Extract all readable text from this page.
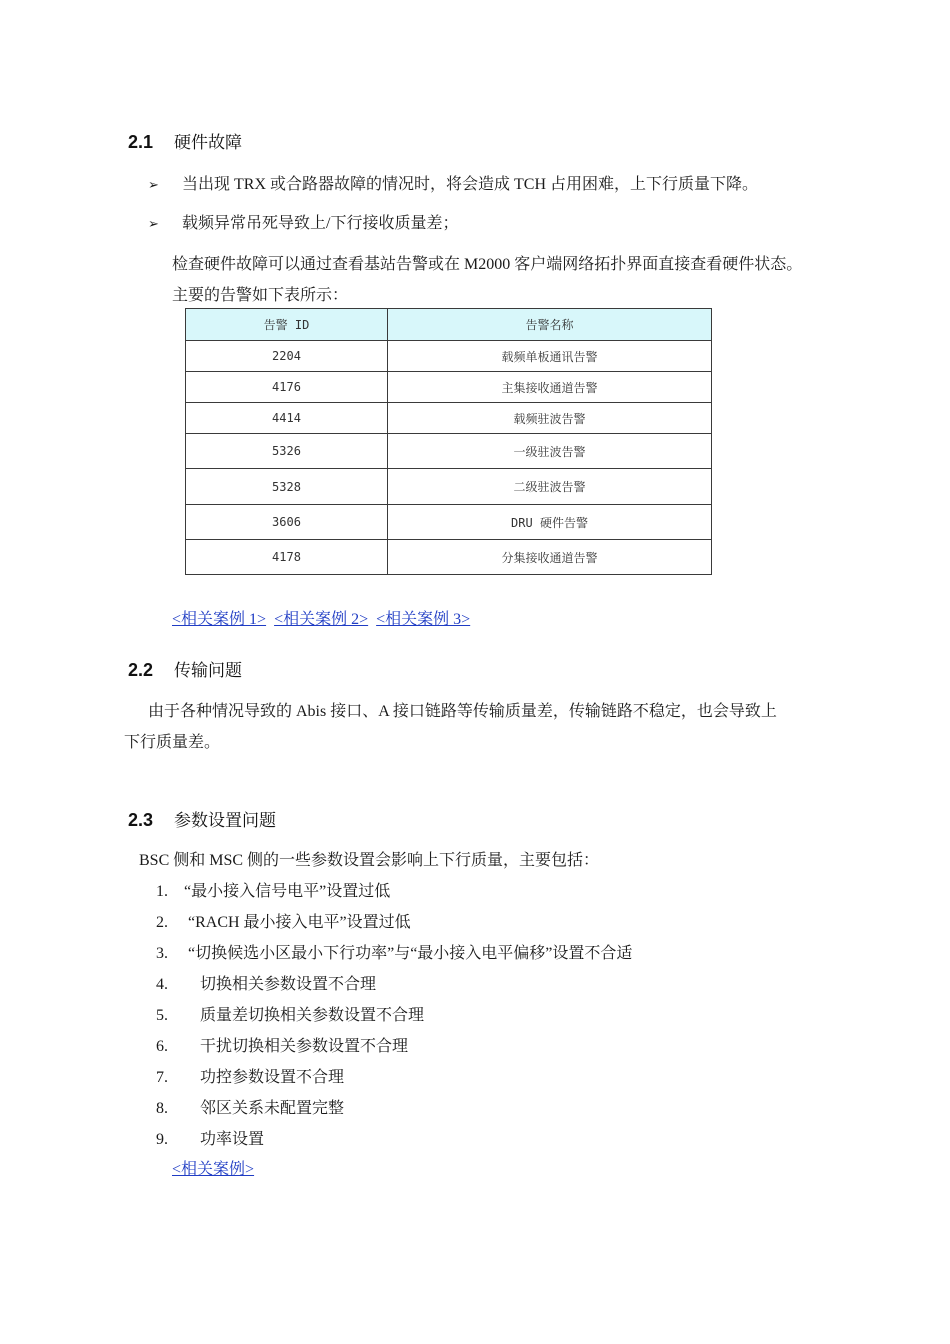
2.1 硬件故障
➢ 当出现 TRX 或合路器故障的情况时，将会造成 TCH 占用困难，上下行质量下降。
➢ 载频异常吊死导致上/下行接收质量差；
检查硬件故障可以通过查看基站告警或在 M2000 客户端网络拓扑界面直接查看硬件状态。
主要的告警如下表所示：
告警 ID	告警名称
2204	载频单板通讯告警
4176	主集接收通道告警
4414	载频驻波告警
5326	一级驻波告警
5328	二级驻波告警
3606	DRU 硬件告警
4178	分集接收通道告警
<相关案例 1> <相关案例 2> <相关案例 3>
2.2 传输问题
由于各种情况导致的 Abis 接口、A 接口链路等传输质量差，传输链路不稳定，也会导致上
下行质量差。
2.3 参数设置问题
BSC 侧和 MSC 侧的一些参数设置会影响上下行质量，主要包括：
1. “最小接入信号电平”设置过低
2. “RACH 最小接入电平”设置过低
3. “切换候选小区最小下行功率”与“最小接入电平偏移”设置不合适
4. 切换相关参数设置不合理
5. 质量差切换相关参数设置不合理
6. 干扰切换相关参数设置不合理
7. 功控参数设置不合理
8. 邻区关系未配置完整
9. 功率设置
<相关案例>
